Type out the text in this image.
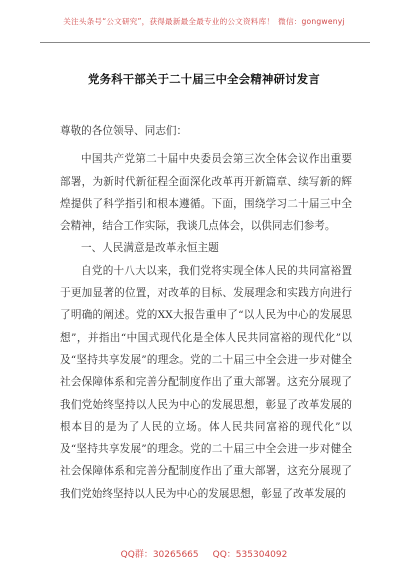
关注头条号“公文研究”，获得最新最全最专业的公文资料库！ 微信：gongwenyj
党务科干部关于二十届三中全会精神研讨发言

尊敬的各位领导、同志们：

中国共产党第二十届中央委员会第三次全体会议作出重要部署，为新时代新征程全面深化改革再开新篇章、续写新的辉煌提供了科学指引和根本遵循。下面，围绕学习二十届三中全会精神，结合工作实际，我谈几点体会，以供同志们参考。

一、人民满意是改革永恒主题

自党的十八大以来，我们党将实现全体人民的共同富裕置于更加显著的位置，对改革的目标、发展理念和实践方向进行了明确的阐述。党的XX大报告重申了“以人民为中心的发展思想”，并指出“中国式现代化是全体人民共同富裕的现代化”以及“坚持共享发展”的理念。党的二十届三中全会进一步对健全社会保障体系和完善分配制度作出了重大部署。这充分展现了我们党始终坚持以人民为中心的发展思想，彰显了改革发展的根本目的是为了人民的立场。体人民共同富裕的现代化”以及“坚持共享发展”的理念。党的二十届三中全会进一步对健全社会保障体系和完善分配制度作出了重大部署，这充分展现了我们党始终坚持以人民为中心的发展思想，彰显了改革发展的

QQ群：30265665 QQ：535304092
